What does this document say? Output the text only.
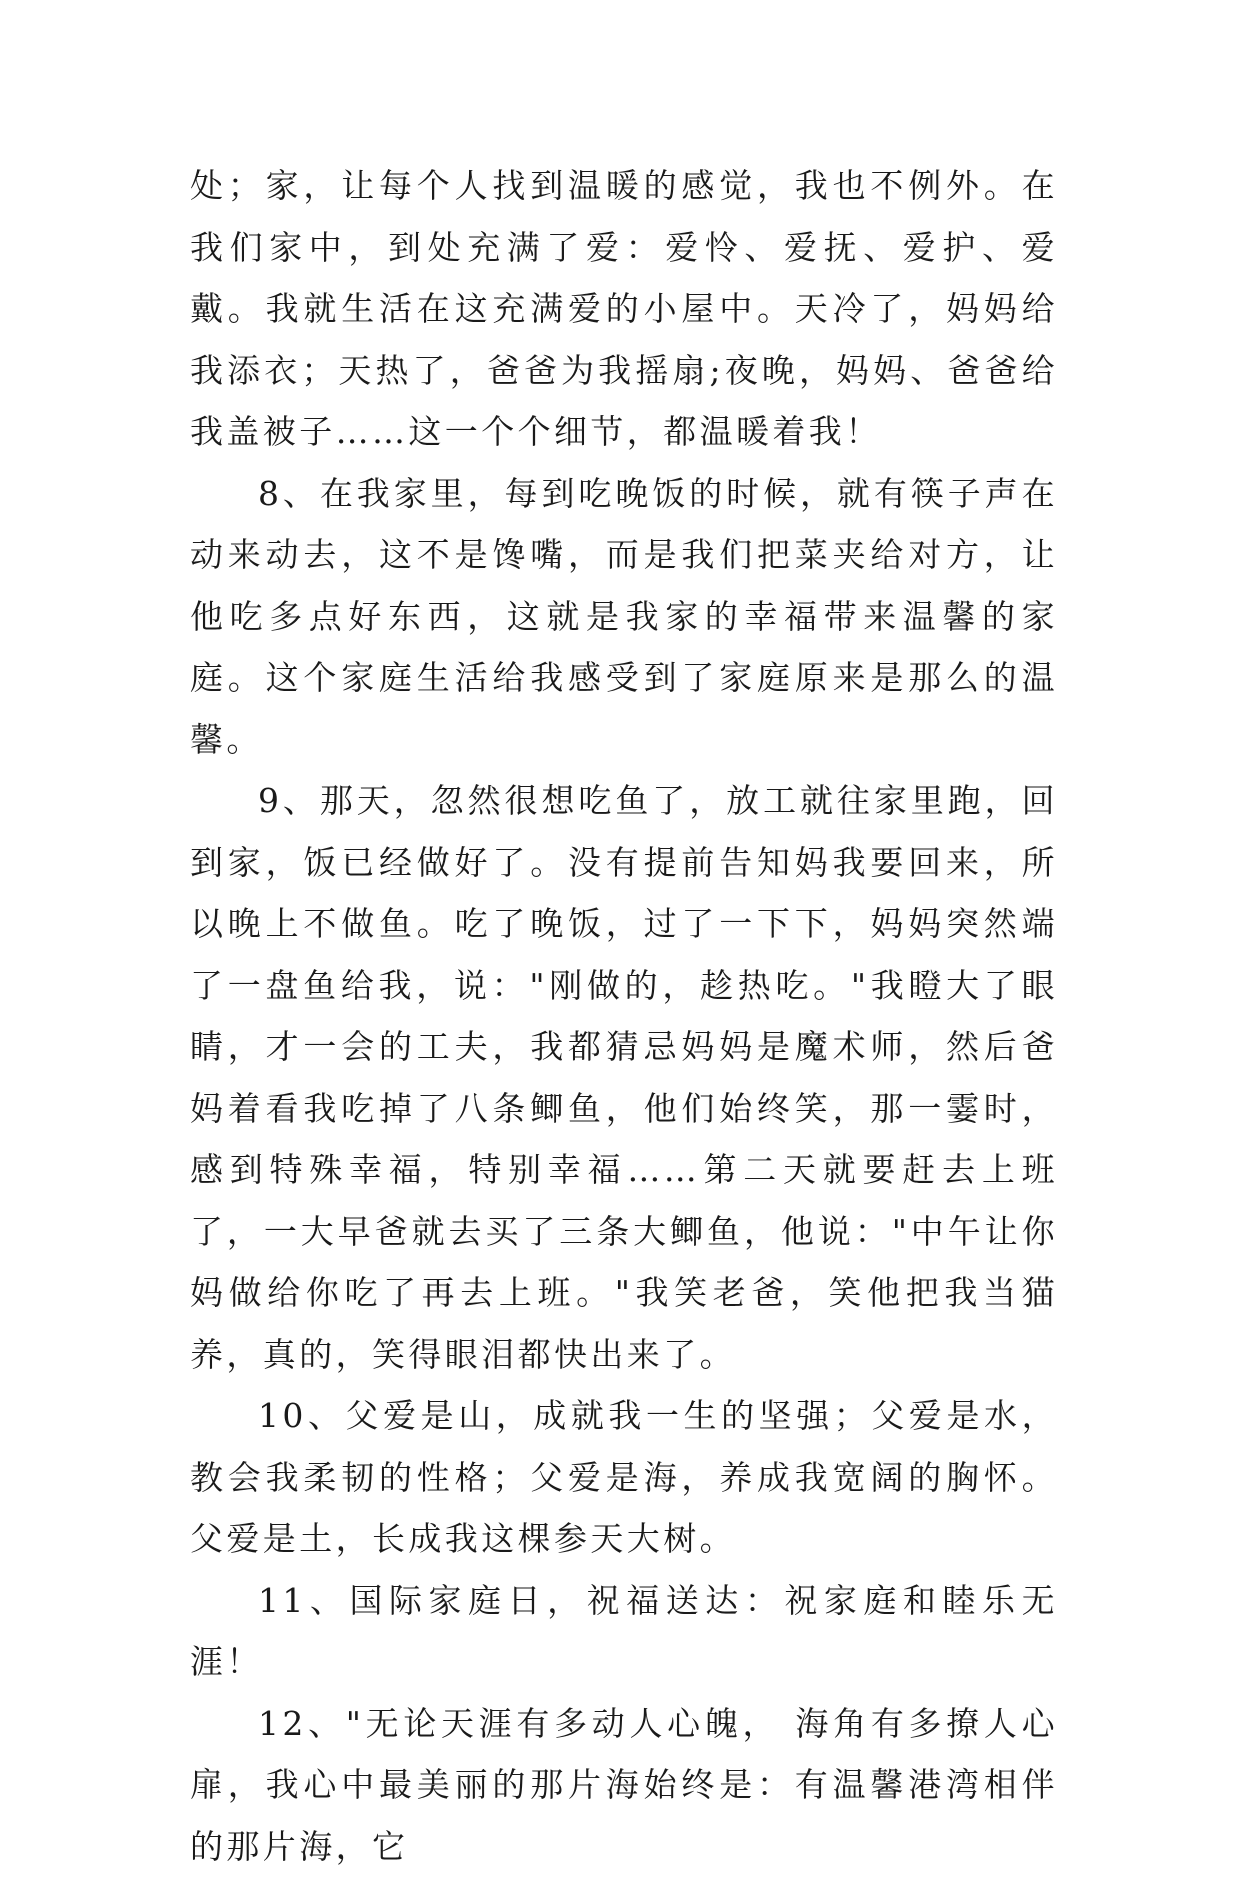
处；家，让每个人找到温暖的感觉，我也不例外。在我们家中，到处充满了爱：爱怜、爱抚、爱护、爱戴。我就生活在这充满爱的小屋中。天冷了，妈妈给我添衣；天热了，爸爸为我摇扇;夜晚，妈妈、爸爸给我盖被子……这一个个细节，都温暖着我！

8、在我家里，每到吃晚饭的时候，就有筷子声在动来动去，这不是馋嘴，而是我们把菜夹给对方，让他吃多点好东西，这就是我家的幸福带来温馨的家庭。这个家庭生活给我感受到了家庭原来是那么的温馨。

9、那天，忽然很想吃鱼了，放工就往家里跑，回到家，饭已经做好了。没有提前告知妈我要回来，所以晚上不做鱼。吃了晚饭，过了一下下，妈妈突然端了一盘鱼给我，说："刚做的，趁热吃。"我瞪大了眼睛，才一会的工夫，我都猜忌妈妈是魔术师，然后爸妈着看我吃掉了八条鲫鱼，他们始终笑，那一霎时，感到特殊幸福，特别幸福……第二天就要赶去上班了，一大早爸就去买了三条大鲫鱼，他说："中午让你妈做给你吃了再去上班。"我笑老爸，笑他把我当猫养，真的，笑得眼泪都快出来了。

10、父爱是山，成就我一生的坚强；父爱是水，教会我柔韧的性格；父爱是海，养成我宽阔的胸怀。父爱是土，长成我这棵参天大树。

11、国际家庭日，祝福送达：祝家庭和睦乐无涯！

12、"无论天涯有多动人心魄， 海角有多撩人心扉，我心中最美丽的那片海始终是：有温馨港湾相伴的那片海，它
